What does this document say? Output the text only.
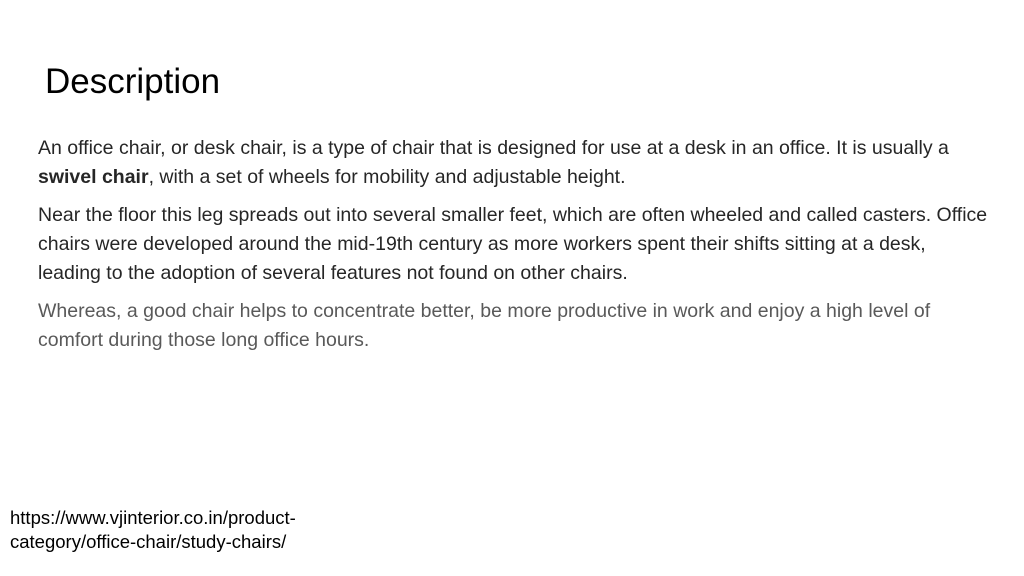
Description

An office chair, or desk chair, is a type of chair that is designed for use at a desk in an office. It is usually a swivel chair, with a set of wheels for mobility and adjustable height.

Near the floor this leg spreads out into several smaller feet, which are often wheeled and called casters. Office chairs were developed around the mid-19th century as more workers spent their shifts sitting at a desk, leading to the adoption of several features not found on other chairs.

Whereas, a good chair helps to concentrate better, be more productive in work and enjoy a high level of comfort during those long office hours.

https://www.vjinterior.co.in/product-
category/office-chair/study-chairs/
